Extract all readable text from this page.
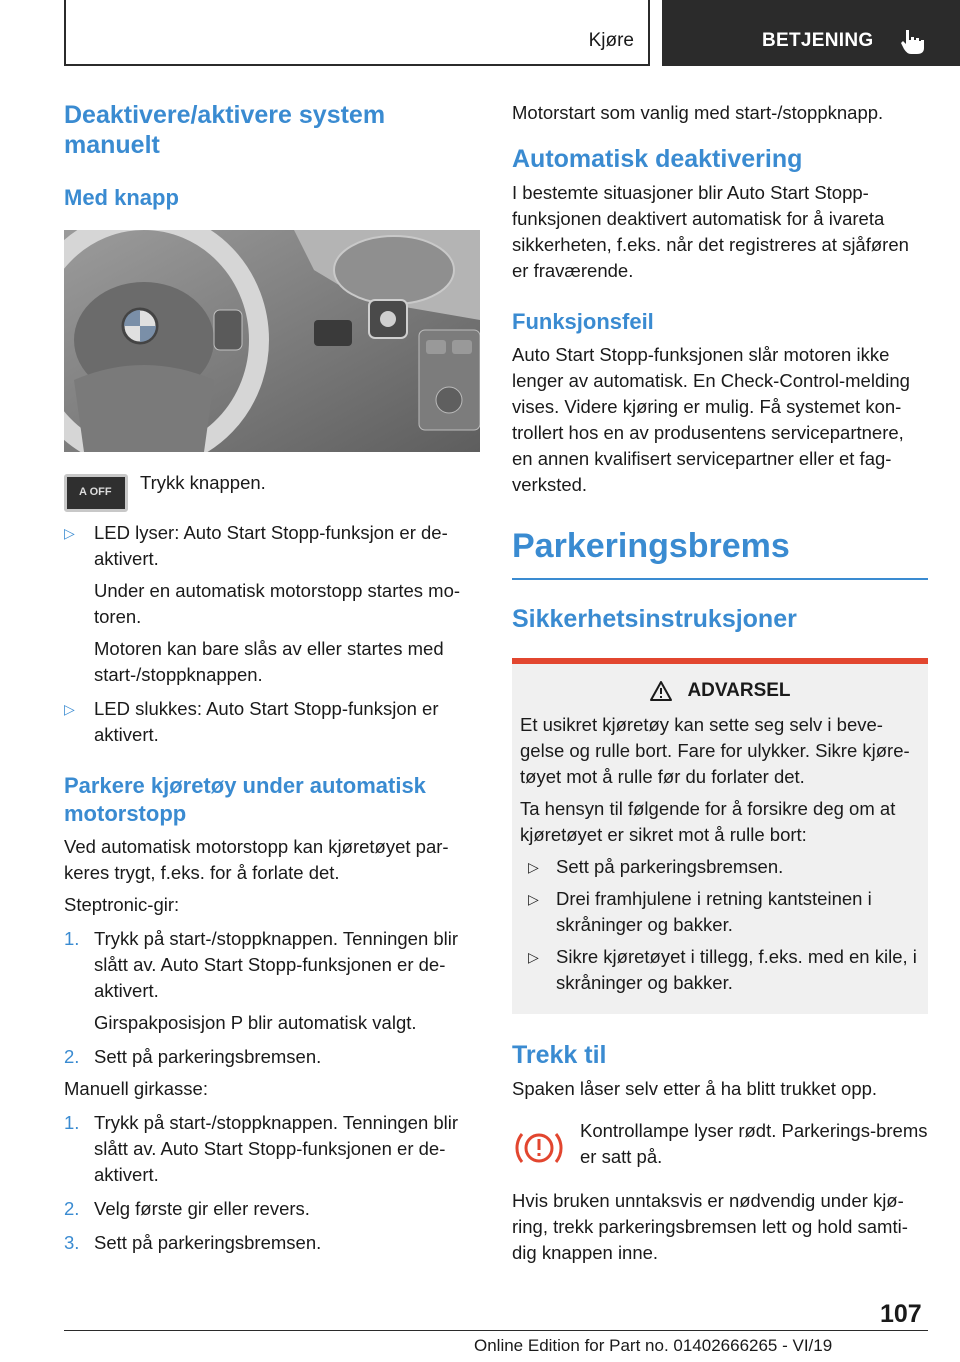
Kjøre	BETJENING
Deaktivere/aktivere system manuelt
Med knapp
A OFF Trykk knappen.

▷	LED lyser: Auto Start Stopp-funksjon er de-aktivert.

Under en automatisk motorstopp startes mo-toren.

Motoren kan bare slås av eller startes med start-/stoppknappen.

▷	LED slukkes: Auto Start Stopp-funksjon er aktivert.

Parkere kjøretøy under automatisk motorstopp

Ved automatisk motorstopp kan kjøretøyet par-keres trygt, f.eks. for å forlate det.

Steptronic-gir:

1. Trykk på start-/stoppknappen. Tenningen blir slått av. Auto Start Stopp-funksjonen er de-aktivert.

Girspakposisjon P blir automatisk valgt.

2. Sett på parkeringsbremsen.

Manuell girkasse:

1. Trykk på start-/stoppknappen. Tenningen blir slått av. Auto Start Stopp-funksjonen er de-aktivert.

2. Velg første gir eller revers.

3. Sett på parkeringsbremsen.

Motorstart som vanlig med start-/stoppknapp.

Automatisk deaktivering

I bestemte situasjoner blir Auto Start Stopp-funksjonen deaktivert automatisk for å ivareta sikkerheten, f.eks. når det registreres at sjåføren er fraværende.

Funksjonsfeil

Auto Start Stopp-funksjonen slår motoren ikke lenger av automatisk. En Check-Control-melding vises. Videre kjøring er mulig. Få systemet kon-trollert hos en av produsentens servicepartnere, en annen kvalifisert servicepartner eller et fag-verksted.

Parkeringsbrems
Sikkerhetsinstruksjoner
ADVARSEL

Et usikret kjøretøy kan sette seg selv i beve-gelse og rulle bort. Fare for ulykker. Sikre kjøre-tøyet mot å rulle før du forlater det.

Ta hensyn til følgende for å forsikre deg om at kjøretøyet er sikret mot å rulle bort:

▷ Sett på parkeringsbremsen.

▷ Drei framhjulene i retning kantsteinen i skråninger og bakker.

▷ Sikre kjøretøyet i tillegg, f.eks. med en kile, i skråninger og bakker.

Trekk til

Spaken låser selv etter å ha blitt trukket opp.

Kontrollampe lyser rødt. Parkerings-brems er satt på.

Hvis bruken unntaksvis er nødvendig under kjø-ring, trekk parkeringsbremsen lett og hold samti-dig knappen inne.

107
Online Edition for Part no. 01402666265 - VI/19
